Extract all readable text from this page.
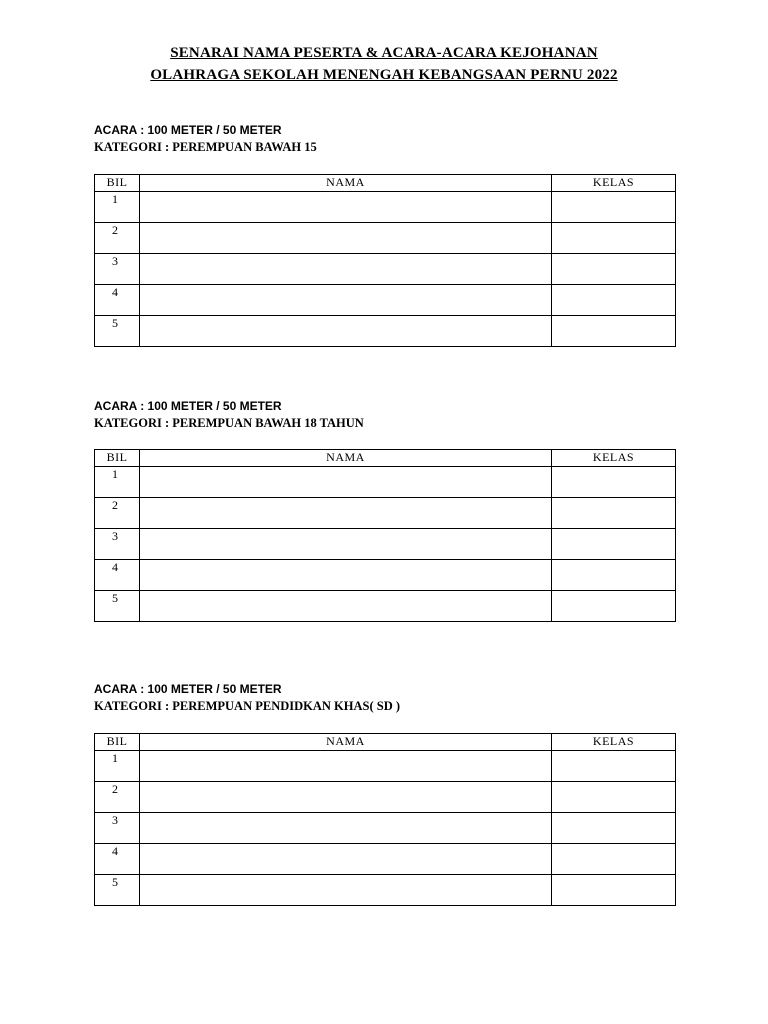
SENARAI NAMA PESERTA & ACARA-ACARA KEJOHANAN
OLAHRAGA SEKOLAH MENENGAH KEBANGSAAN PERNU 2022
ACARA : 100 METER / 50 METER
KATEGORI : PEREMPUAN BAWAH 15
BIL	NAMA	KELAS
1		
2		
3		
4		
5		
ACARA : 100 METER / 50 METER
KATEGORI : PEREMPUAN BAWAH 18 TAHUN
BIL	NAMA	KELAS
1		
2		
3		
4		
5		
ACARA : 100 METER / 50 METER
KATEGORI : PEREMPUAN PENDIDKAN KHAS( SD )
BIL	NAMA	KELAS
1		
2		
3		
4		
5		
